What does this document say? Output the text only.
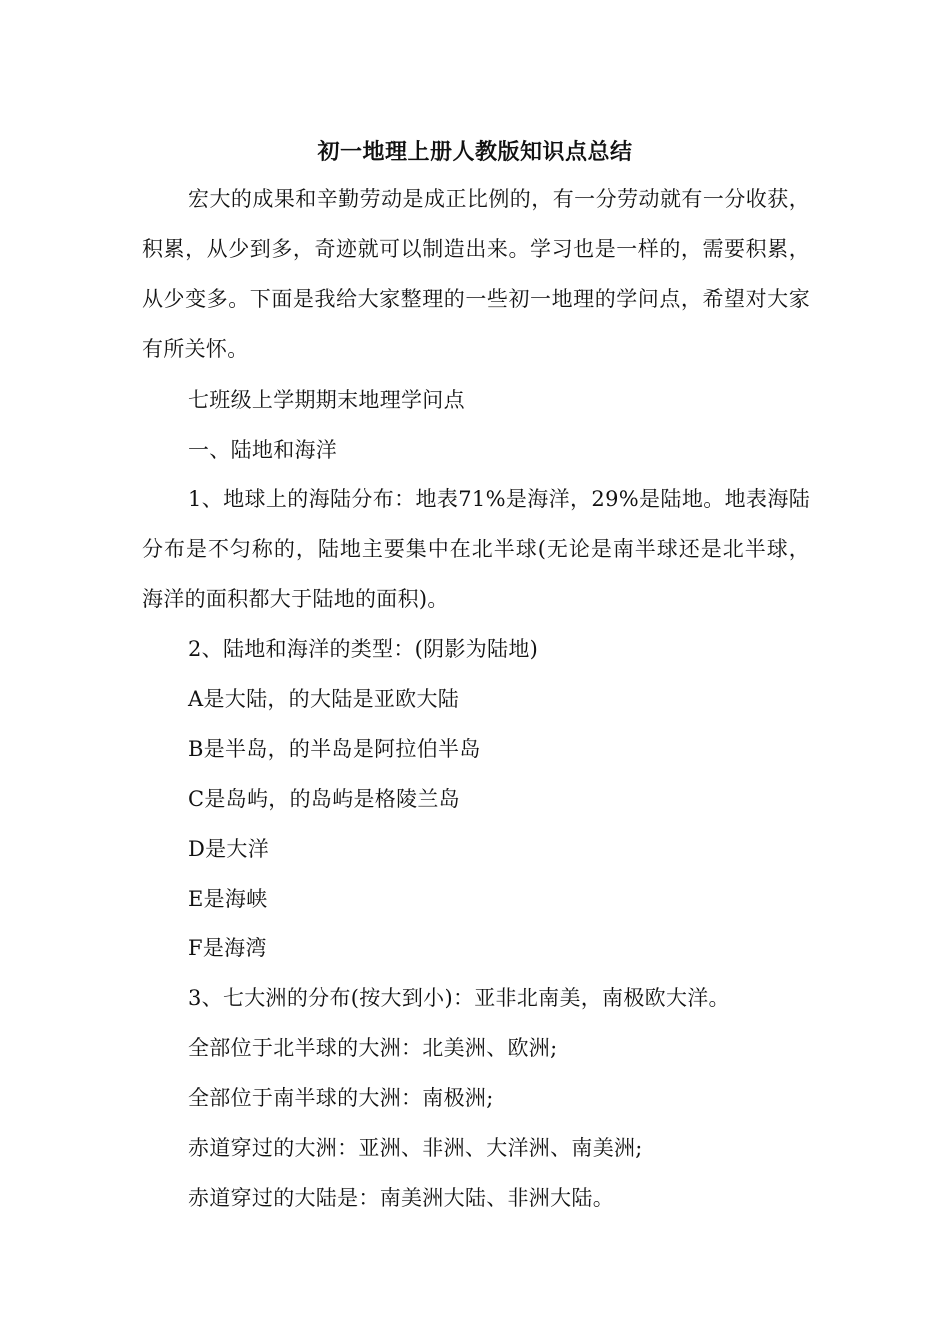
初一地理上册人教版知识点总结

宏大的成果和辛勤劳动是成正比例的，有一分劳动就有一分收获，积累，从少到多，奇迹就可以制造出来。学习也是一样的，需要积累，从少变多。下面是我给大家整理的一些初一地理的学问点，希望对大家有所关怀。

七班级上学期期末地理学问点

一、陆地和海洋

1、地球上的海陆分布：地表71%是海洋，29%是陆地。地表海陆分布是不匀称的，陆地主要集中在北半球(无论是南半球还是北半球，海洋的面积都大于陆地的面积)。

2、陆地和海洋的类型：(阴影为陆地)

A是大陆，的大陆是亚欧大陆

B是半岛，的半岛是阿拉伯半岛

C是岛屿，的岛屿是格陵兰岛

D是大洋

E是海峡

F是海湾

3、七大洲的分布(按大到小)：亚非北南美，南极欧大洋。

全部位于北半球的大洲：北美洲、欧洲;

全部位于南半球的大洲：南极洲;

赤道穿过的大洲：亚洲、非洲、大洋洲、南美洲;

赤道穿过的大陆是：南美洲大陆、非洲大陆。
